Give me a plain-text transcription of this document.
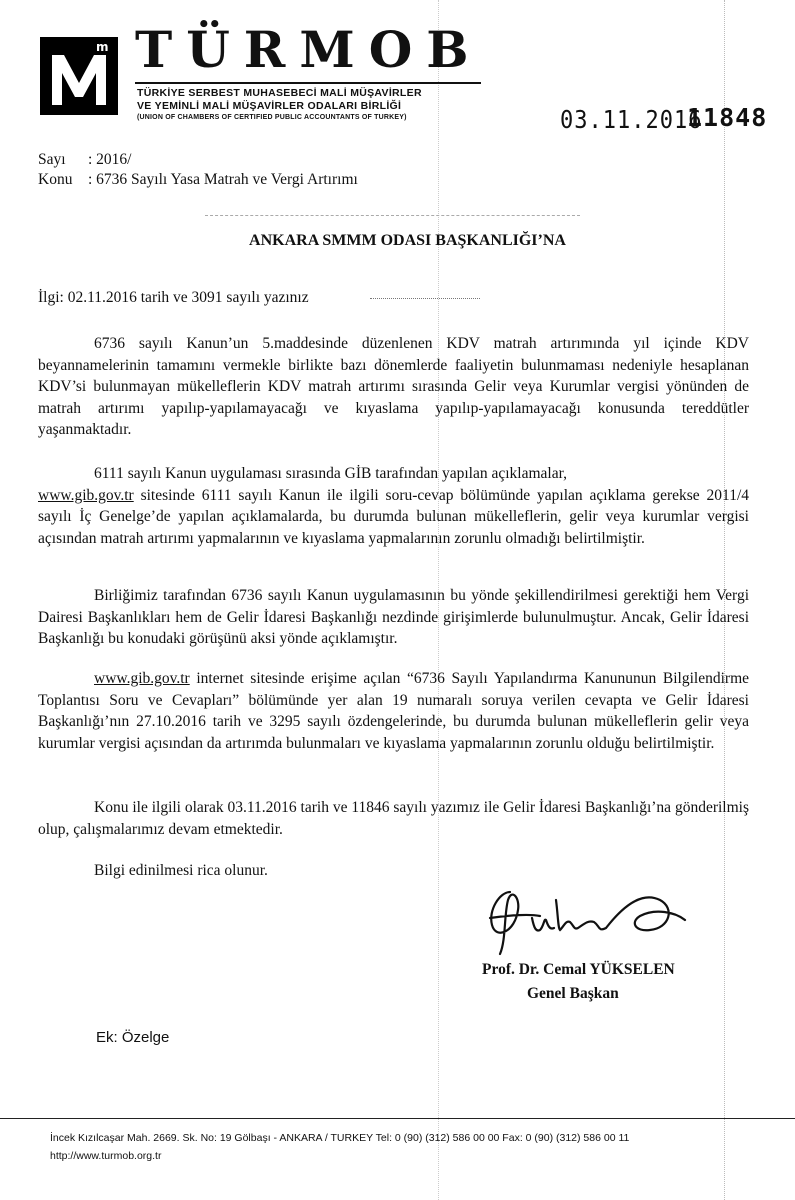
m TÜRMOB
TÜRKİYE SERBEST MUHASEBECİ MALİ MÜŞAVİRLER
VE YEMİNLİ MALİ MÜŞAVİRLER ODALARI BİRLİĞİ
(UNION OF CHAMBERS OF CERTIFIED PUBLIC ACCOUNTANTS OF TURKEY)	03.11.2016
11848
Sayı : 2016/
Konu : 6736 Sayılı Yasa Matrah ve Vergi Artırımı
ANKARA SMMM ODASI BAŞKANLIĞI’NA
İlgi: 02.11.2016 tarih ve 3091 sayılı yazınız

6736 sayılı Kanun’un 5.maddesinde düzenlenen KDV matrah artırımında yıl içinde KDV beyannamelerinin tamamını vermekle birlikte bazı dönemlerde faaliyetin bulunmaması nedeniyle hesaplanan KDV’si bulunmayan mükelleflerin KDV matrah artırımı sırasında Gelir veya Kurumlar vergisi yönünden de matrah artırımı yapılıp-yapılamayacağı ve kıyaslama yapılıp-yapılamayacağı konusunda tereddütler yaşanmaktadır.

6111 sayılı Kanun uygulaması sırasında GİB tarafından yapılan açıklamalar,
www.gib.gov.tr sitesinde 6111 sayılı Kanun ile ilgili soru-cevap bölümünde yapılan açıklama gerekse 2011/4 sayılı İç Genelge’de yapılan açıklamalarda, bu durumda bulunan mükelleflerin, gelir veya kurumlar vergisi açısından matrah artırımı yapmalarının ve kıyaslama yapmalarının zorunlu olmadığı belirtilmiştir.

Birliğimiz tarafından 6736 sayılı Kanun uygulamasının bu yönde şekillendirilmesi gerektiği hem Vergi Dairesi Başkanlıkları hem de Gelir İdaresi Başkanlığı nezdinde girişimlerde bulunulmuştur. Ancak, Gelir İdaresi Başkanlığı bu konudaki görüşünü aksi yönde açıklamıştır.

www.gib.gov.tr internet sitesinde erişime açılan “6736 Sayılı Yapılandırma Kanununun Bilgilendirme Toplantısı Soru ve Cevapları” bölümünde yer alan 19 numaralı soruya verilen cevapta ve Gelir İdaresi Başkanlığı’nın 27.10.2016 tarih ve 3295 sayılı özdengelerinde, bu durumda bulunan mükelleflerin gelir veya kurumlar vergisi açısından da artırımda bulunmaları ve kıyaslama yapmalarının zorunlu olduğu belirtilmiştir.

Konu ile ilgili olarak 03.11.2016 tarih ve 11846 sayılı yazımız ile Gelir İdaresi Başkanlığı’na gönderilmiş olup, çalışmalarımız devam etmektedir.

Bilgi edinilmesi rica olunur.
Prof. Dr. Cemal YÜKSELEN
Genel Başkan
Ek: Özelge
İncek Kızılcaşar Mah. 2669. Sk. No: 19 Gölbaşı - ANKARA / TURKEY Tel: 0 (90) (312) 586 00 00 Fax: 0 (90) (312) 586 00 11
http://www.turmob.org.tr
